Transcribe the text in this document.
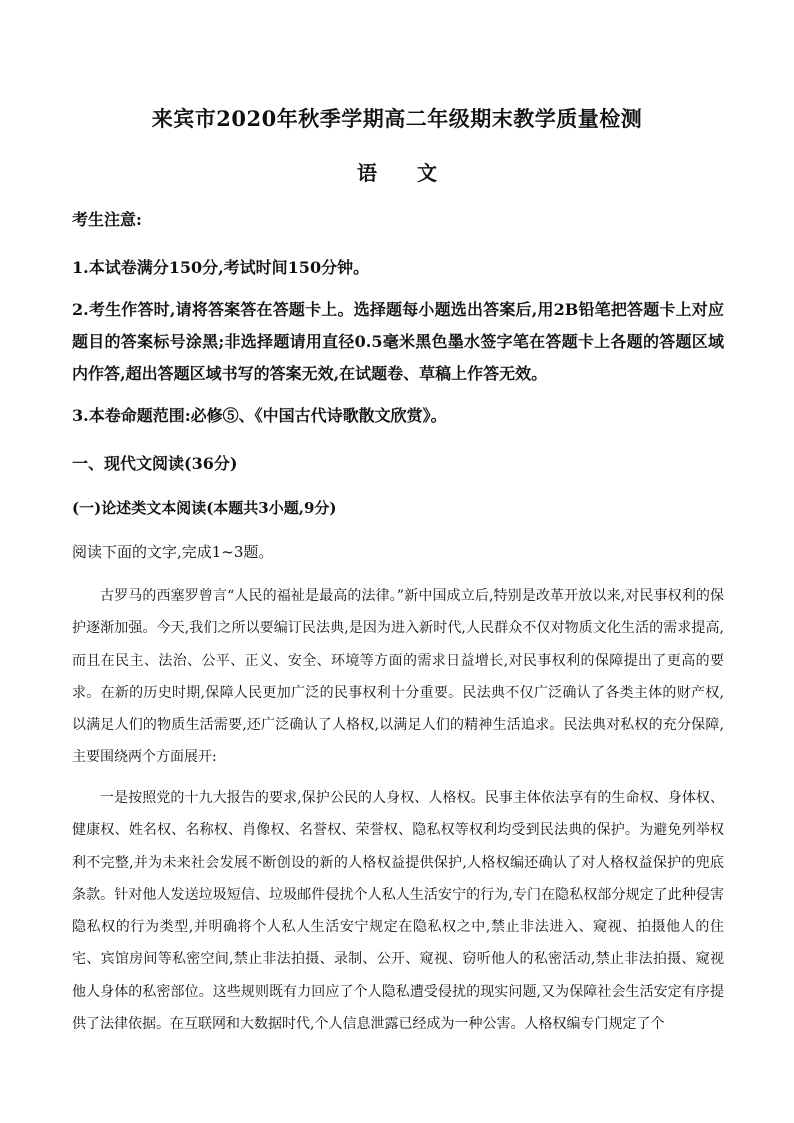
来宾市2020年秋季学期高二年级期末教学质量检测
语　　文
考生注意:
1.本试卷满分150分,考试时间150分钟。
2.考生作答时,请将答案答在答题卡上。选择题每小题选出答案后,用2B铅笔把答题卡上对应题目的答案标号涂黑;非选择题请用直径0.5毫米黑色墨水签字笔在答题卡上各题的答题区域内作答,超出答题区域书写的答案无效,在试题卷、草稿上作答无效。
3.本卷命题范围:必修⑤、《中国古代诗歌散文欣赏》。
一、现代文阅读(36分)
(一)论述类文本阅读(本题共3小题,9分)
阅读下面的文字,完成1~3题。
古罗马的西塞罗曾言“人民的福祉是最高的法律。”新中国成立后,特别是改革开放以来,对民事权利的保护逐渐加强。今天,我们之所以要编订民法典,是因为进入新时代,人民群众不仅对物质文化生活的需求提高,而且在民主、法治、公平、正义、安全、环境等方面的需求日益增长,对民事权利的保障提出了更高的要求。在新的历史时期,保障人民更加广泛的民事权利十分重要。民法典不仅广泛确认了各类主体的财产权,以满足人们的物质生活需要,还广泛确认了人格权,以满足人们的精神生活追求。民法典对私权的充分保障,主要围绕两个方面展开:
一是按照党的十九大报告的要求,保护公民的人身权、人格权。民事主体依法享有的生命权、身体权、健康权、姓名权、名称权、肖像权、名誉权、荣誉权、隐私权等权利均受到民法典的保护。为避免列举权利不完整,并为未来社会发展不断创设的新的人格权益提供保护,人格权编还确认了对人格权益保护的兜底条款。针对他人发送垃圾短信、垃圾邮件侵扰个人私人生活安宁的行为,专门在隐私权部分规定了此种侵害隐私权的行为类型,并明确将个人私人生活安宁规定在隐私权之中,禁止非法进入、窥视、拍摄他人的住宅、宾馆房间等私密空间,禁止非法拍摄、录制、公开、窥视、窃听他人的私密活动,禁止非法拍摄、窥视他人身体的私密部位。这些规则既有力回应了个人隐私遭受侵扰的现实问题,又为保障社会生活安定有序提供了法律依据。在互联网和大数据时代,个人信息泄露已经成为一种公害。人格权编专门规定了个
